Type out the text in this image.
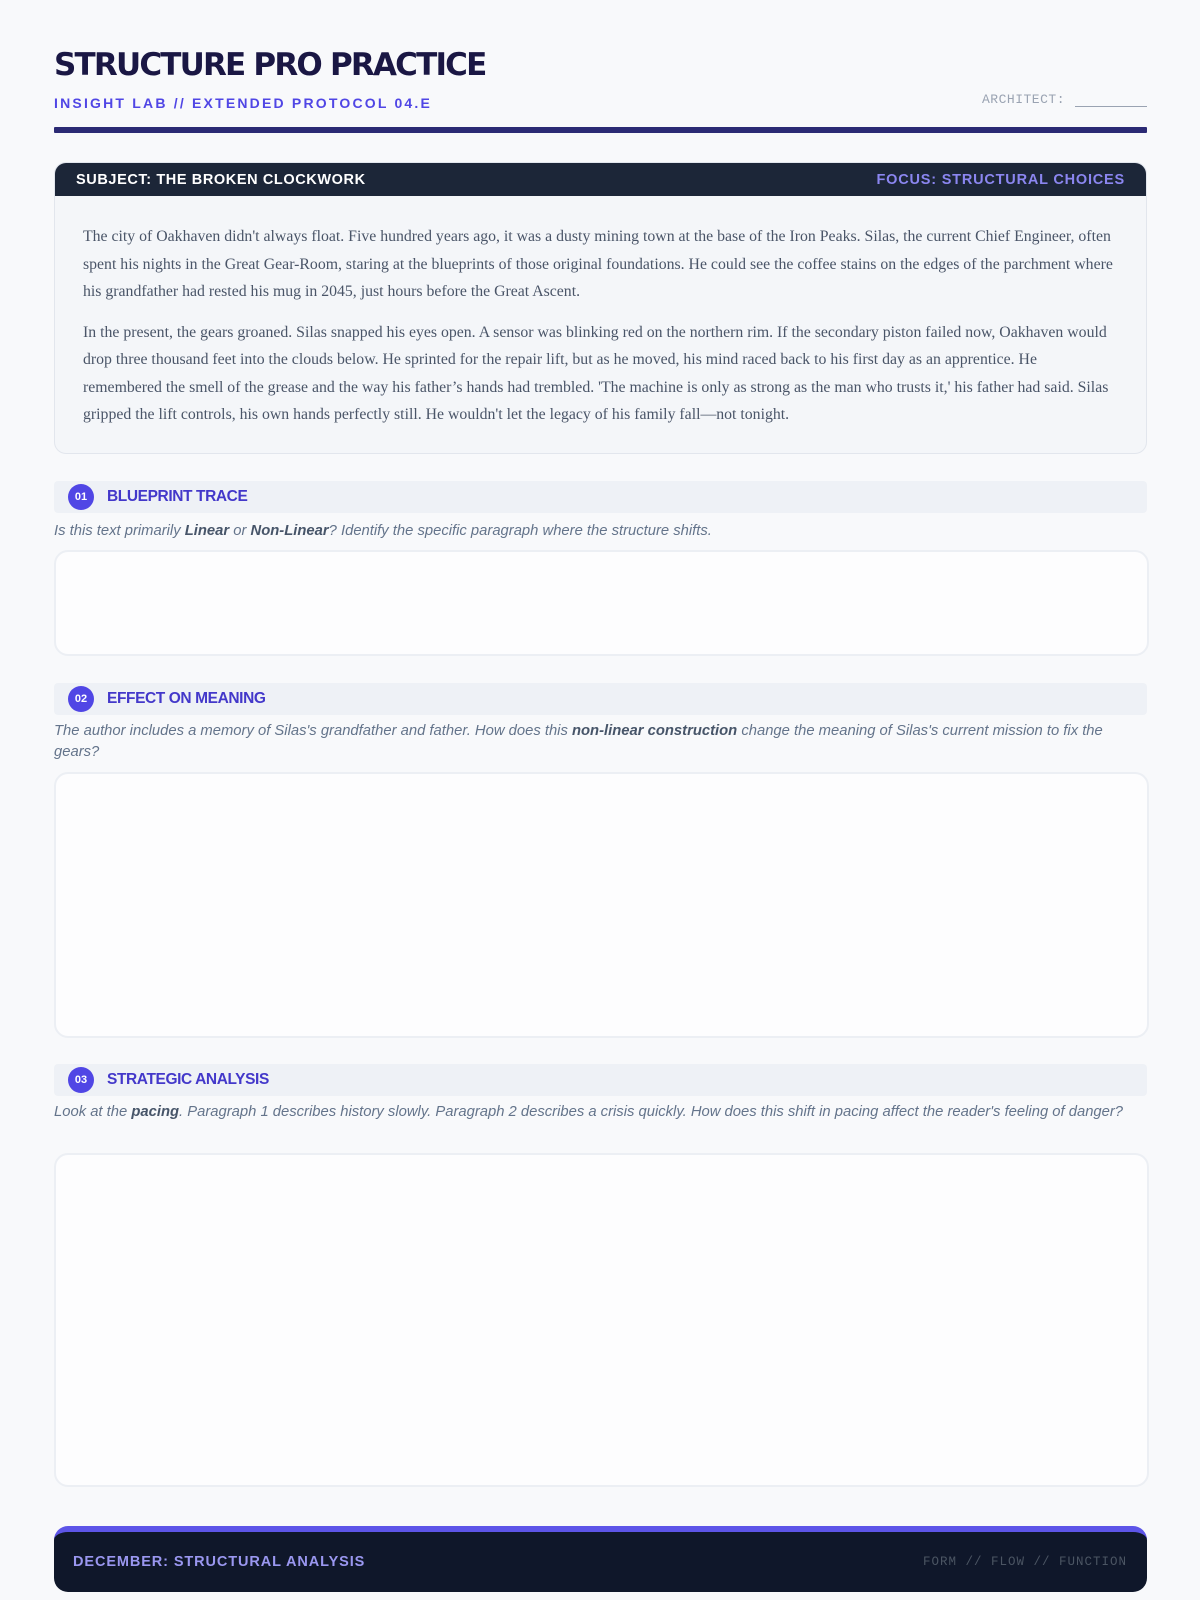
STRUCTURE PRO PRACTICE
INSIGHT LAB // EXTENDED PROTOCOL 04.E	ARCHITECT:
SUBJECT: THE BROKEN CLOCKWORK	FOCUS: STRUCTURAL CHOICES

The city of Oakhaven didn't always float. Five hundred years ago, it was a dusty mining town at the base of the Iron Peaks. Silas, the current Chief Engineer, often spent his nights in the Great Gear-Room, staring at the blueprints of those original foundations. He could see the coffee stains on the edges of the parchment where his grandfather had rested his mug in 2045, just hours before the Great Ascent.

In the present, the gears groaned. Silas snapped his eyes open. A sensor was blinking red on the northern rim. If the secondary piston failed now, Oakhaven would drop three thousand feet into the clouds below. He sprinted for the repair lift, but as he moved, his mind raced back to his first day as an apprentice. He remembered the smell of the grease and the way his father’s hands had trembled. 'The machine is only as strong as the man who trusts it,' his father had said. Silas gripped the lift controls, his own hands perfectly still. He wouldn't let the legacy of his family fall—not tonight.

01	BLUEPRINT TRACE
Is this text primarily Linear or Non-Linear? Identify the specific paragraph where the structure shifts.
02	EFFECT ON MEANING
The author includes a memory of Silas's grandfather and father. How does this non-linear construction change the meaning of Silas's current mission to fix the gears?
03	STRATEGIC ANALYSIS
Look at the pacing. Paragraph 1 describes history slowly. Paragraph 2 describes a crisis quickly. How does this shift in pacing affect the reader's feeling of danger?
DECEMBER: STRUCTURAL ANALYSIS	FORM // FLOW // FUNCTION
